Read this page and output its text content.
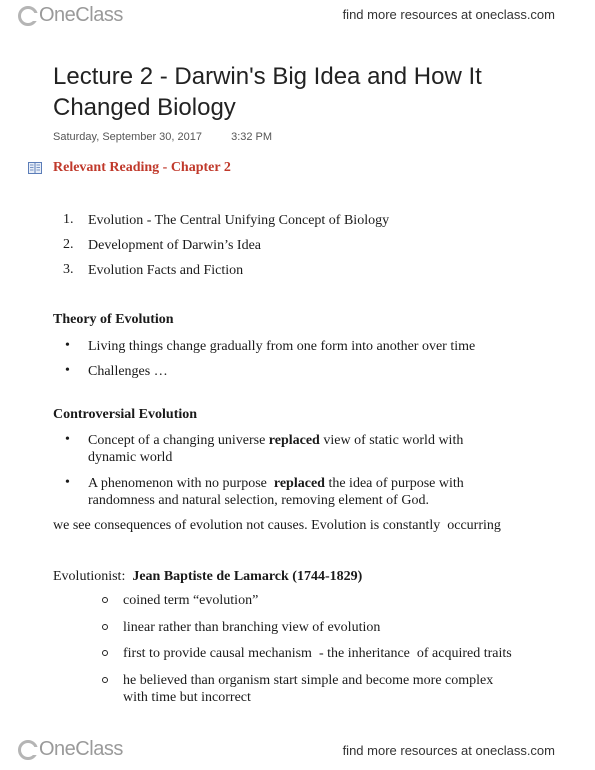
OneClass	find more resources at oneclass.com
Lecture 2 - Darwin's Big Idea and How It Changed Biology
Saturday, September 30, 2017	3:32 PM
Relevant Reading - Chapter 2
1. Evolution - The Central Unifying Concept of Biology
2. Development of Darwin’s Idea
3. Evolution Facts and Fiction
Theory of Evolution
• Living things change gradually from one form into another over time
• Challenges …
Controversial Evolution
• Concept of a changing universe replaced view of static world with
dynamic world
• A phenomenon with no purpose  replaced the idea of purpose with
randomness and natural selection, removing element of God.
we see consequences of evolution not causes. Evolution is constantly  occurring
Evolutionist:  Jean Baptiste de Lamarck (1744-1829)
coined term “evolution”
linear rather than branching view of evolution
first to provide causal mechanism  - the inheritance  of acquired traits
he believed than organism start simple and become more complex
with time but incorrect
OneClass	find more resources at oneclass.com
